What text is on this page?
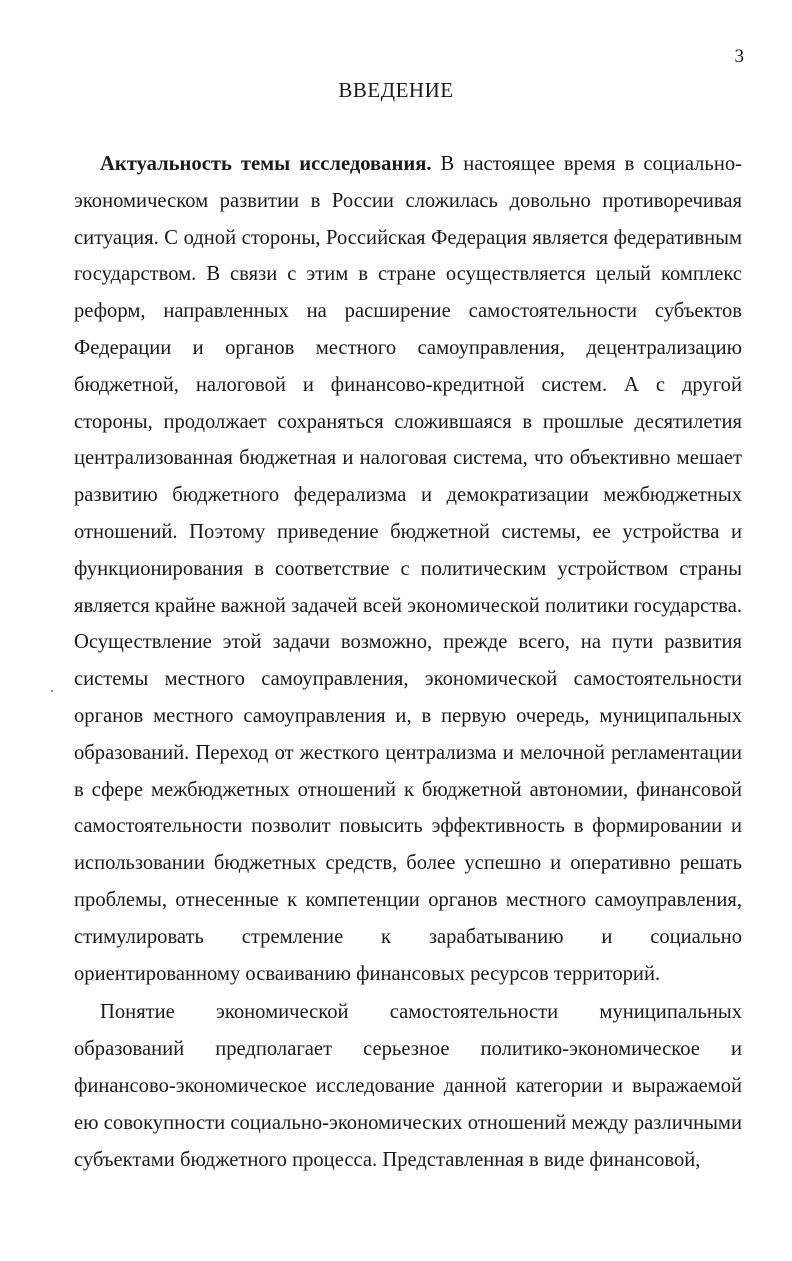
3
ВВЕДЕНИЕ

Актуальность темы исследования. В настоящее время в социально-экономическом развитии в России сложилась довольно противоречивая ситуация. С одной стороны, Российская Федерация является федеративным государством. В связи с этим в стране осуществляется целый комплекс реформ, направленных на расширение самостоятельности субъектов Федерации и органов местного самоуправления, децентрализацию бюджетной, налоговой и финансово-кредитной систем. А с другой стороны, продолжает сохраняться сложившаяся в прошлые десятилетия централизованная бюджетная и налоговая система, что объективно мешает развитию бюджетного федерализма и демократизации межбюджетных отношений. Поэтому приведение бюджетной системы, ее устройства и функционирования в соответствие с политическим устройством страны является крайне важной задачей всей экономической политики государства. Осуществление этой задачи возможно, прежде всего, на пути развития системы местного самоуправления, экономической самостоятельности органов местного самоуправления и, в первую очередь, муниципальных образований. Переход от жесткого централизма и мелочной регламентации в сфере межбюджетных отношений к бюджетной автономии, финансовой самостоятельности позволит повысить эффективность в формировании и использовании бюджетных средств, более успешно и оперативно решать проблемы, отнесенные к компетенции органов местного самоуправления, стимулировать стремление к зарабатыванию и социально ориентированному осваиванию финансовых ресурсов территорий.

Понятие экономической самостоятельности муниципальных образований предполагает серьезное политико-экономическое и финансово-экономическое исследование данной категории и выражаемой ею совокупности социально-экономических отношений между различными субъектами бюджетного процесса. Представленная в виде финансовой,
